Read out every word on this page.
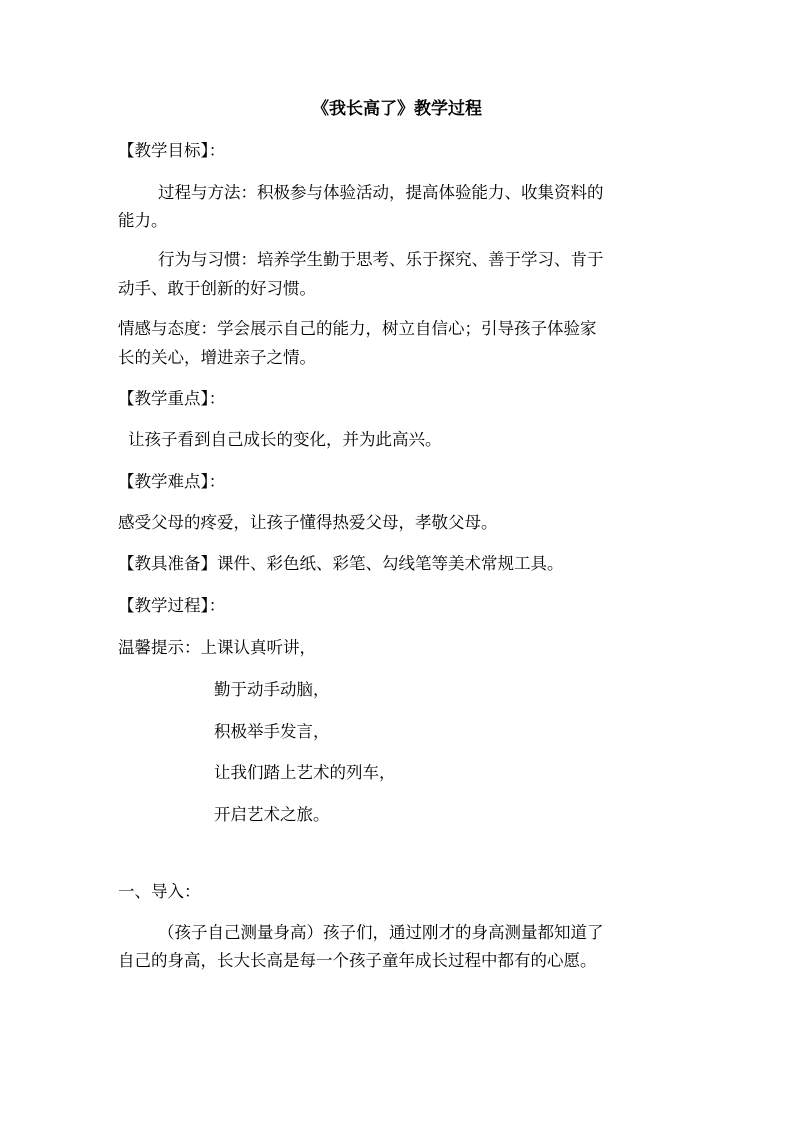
《我长高了》教学过程
【教学目标】：
过程与方法：积极参与体验活动，提高体验能力、收集资料的
能力。
行为与习惯：培养学生勤于思考、乐于探究、善于学习、肯于
动手、敢于创新的好习惯。
情感与态度：学会展示自己的能力，树立自信心；引导孩子体验家
长的关心，增进亲子之情。
【教学重点】：
让孩子看到自己成长的变化，并为此高兴。
【教学难点】：
感受父母的疼爱，让孩子懂得热爱父母，孝敬父母。
【教具准备】课件、彩色纸、彩笔、勾线笔等美术常规工具。
【教学过程】：
温馨提示：上课认真听讲，
勤于动手动脑，
积极举手发言，
让我们踏上艺术的列车，
开启艺术之旅。
一、导入：
（孩子自己测量身高）孩子们，通过刚才的身高测量都知道了
自己的身高，长大长高是每一个孩子童年成长过程中都有的心愿。
